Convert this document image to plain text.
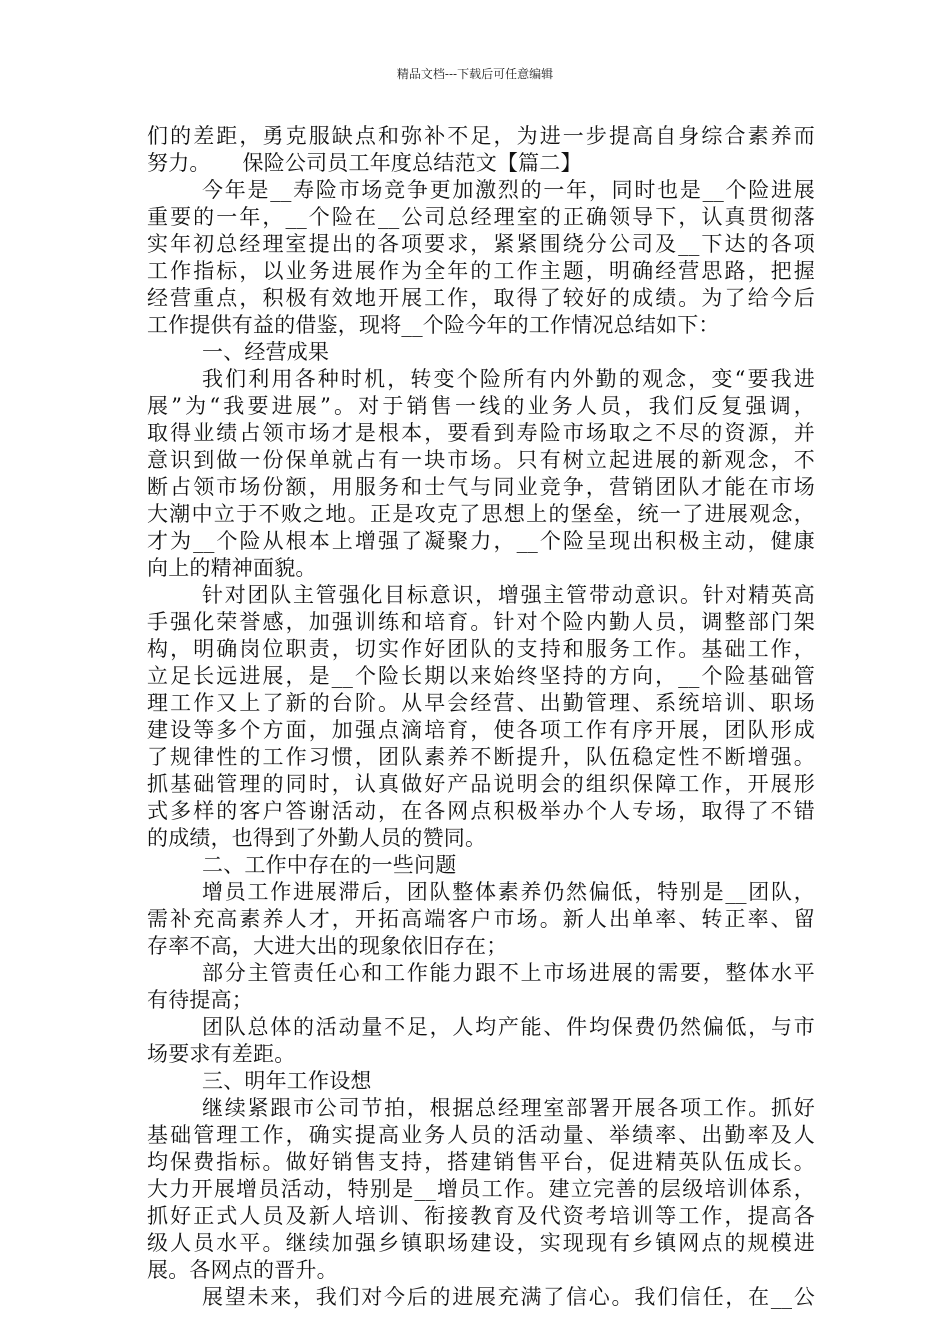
精品文档---下载后可任意编辑
们的差距，勇克服缺点和弥补不足，为进一步提高自身综合素养而
努力。　　保险公司员工年度总结范文【篇二】
今年是__寿险市场竞争更加激烈的一年，同时也是__个险进展
重要的一年，__个险在__公司总经理室的正确领导下，认真贯彻落
实年初总经理室提出的各项要求，紧紧围绕分公司及__下达的各项
工作指标，以业务进展作为全年的工作主题，明确经营思路，把握
经营重点，积极有效地开展工作，取得了较好的成绩。为了给今后
工作提供有益的借鉴，现将__个险今年的工作情况总结如下：
一、经营成果
我们利用各种时机，转变个险所有内外勤的观念，变“要我进
展”为“我要进展”。对于销售一线的业务人员，我们反复强调，
取得业绩占领市场才是根本，要看到寿险市场取之不尽的资源，并
意识到做一份保单就占有一块市场。只有树立起进展的新观念，不
断占领市场份额，用服务和士气与同业竞争，营销团队才能在市场
大潮中立于不败之地。正是攻克了思想上的堡垒，统一了进展观念，
才为__个险从根本上增强了凝聚力，__个险呈现出积极主动，健康
向上的精神面貌。
针对团队主管强化目标意识，增强主管带动意识。针对精英高
手强化荣誉感，加强训练和培育。针对个险内勤人员，调整部门架
构，明确岗位职责，切实作好团队的支持和服务工作。基础工作，
立足长远进展，是__个险长期以来始终坚持的方向，__个险基础管
理工作又上了新的台阶。从早会经营、出勤管理、系统培训、职场
建设等多个方面，加强点滴培育，使各项工作有序开展，团队形成
了规律性的工作习惯，团队素养不断提升，队伍稳定性不断增强。
抓基础管理的同时，认真做好产品说明会的组织保障工作，开展形
式多样的客户答谢活动，在各网点积极举办个人专场，取得了不错
的成绩，也得到了外勤人员的赞同。
二、工作中存在的一些问题
增员工作进展滞后，团队整体素养仍然偏低，特别是__团队，
需补充高素养人才，开拓高端客户市场。新人出单率、转正率、留
存率不高，大进大出的现象依旧存在；
部分主管责任心和工作能力跟不上市场进展的需要，整体水平
有待提高；
团队总体的活动量不足，人均产能、件均保费仍然偏低，与市
场要求有差距。
三、明年工作设想
继续紧跟市公司节拍，根据总经理室部署开展各项工作。抓好
基础管理工作，确实提高业务人员的活动量、举绩率、出勤率及人
均保费指标。做好销售支持，搭建销售平台，促进精英队伍成长。
大力开展增员活动，特别是__增员工作。建立完善的层级培训体系，
抓好正式人员及新人培训、衔接教育及代资考培训等工作，提高各
级人员水平。继续加强乡镇职场建设，实现现有乡镇网点的规模进
展。各网点的晋升。
展望未来，我们对今后的进展充满了信心。我们信任，在__公
